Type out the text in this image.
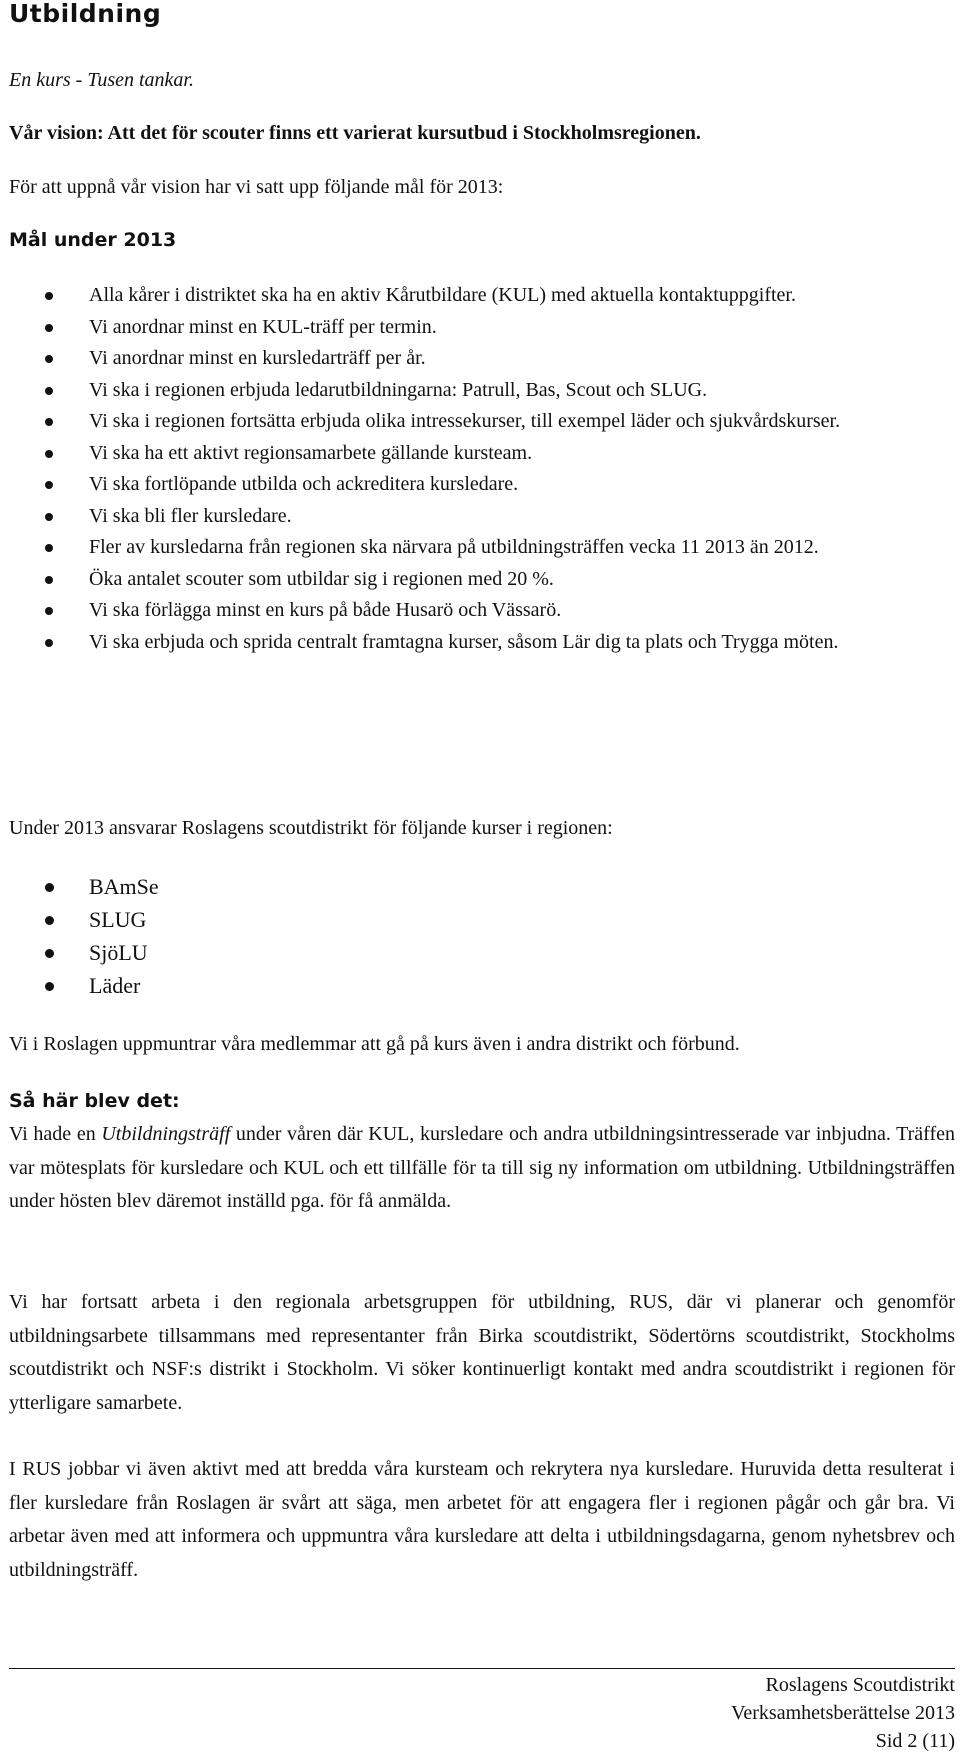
Utbildning

En kurs - Tusen tankar.

Vår vision: Att det för scouter finns ett varierat kursutbud i Stockholmsregionen.

För att uppnå vår vision har vi satt upp följande mål för 2013:

Mål under 2013

Alla kårer i distriktet ska ha en aktiv Kårutbildare (KUL) med aktuella kontaktuppgifter.
Vi anordnar minst en KUL-träff per termin.
Vi anordnar minst en kursledarträff per år.
Vi ska i regionen erbjuda ledarutbildningarna: Patrull, Bas, Scout och SLUG.
Vi ska i regionen fortsätta erbjuda olika intressekurser, till exempel läder och sjukvårdskurser.
Vi ska ha ett aktivt regionsamarbete gällande kursteam.
Vi ska fortlöpande utbilda och ackreditera kursledare.
Vi ska bli fler kursledare.
Fler av kursledarna från regionen ska närvara på utbildningsträffen vecka 11 2013 än 2012.
Öka antalet scouter som utbildar sig i regionen med 20 %.
Vi ska förlägga minst en kurs på både Husarö och Vässarö.
Vi ska erbjuda och sprida centralt framtagna kurser, såsom Lär dig ta plats och Trygga möten.

Under 2013 ansvarar Roslagens scoutdistrikt för följande kurser i regionen:

BAmSe
SLUG
SjöLU
Läder

Vi i Roslagen uppmuntrar våra medlemmar att gå på kurs även i andra distrikt och förbund.

Så här blev det:

Vi hade en Utbildningsträff under våren där KUL, kursledare och andra utbildningsintresserade var inbjudna. Träffen var mötesplats för kursledare och KUL och ett tillfälle för ta till sig ny information om utbildning. Utbildningsträffen under hösten blev däremot inställd pga. för få anmälda.

Vi har fortsatt arbeta i den regionala arbetsgruppen för utbildning, RUS, där vi planerar och genomför utbildningsarbete tillsammans med representanter från Birka scoutdistrikt, Södertörns scoutdistrikt, Stockholms scoutdistrikt och NSF:s distrikt i Stockholm. Vi söker kontinuerligt kontakt med andra scoutdistrikt i regionen för ytterligare samarbete.

I RUS jobbar vi även aktivt med att bredda våra kursteam och rekrytera nya kursledare. Huruvida detta resulterat i fler kursledare från Roslagen är svårt att säga, men arbetet för att engagera fler i regionen pågår och går bra. Vi arbetar även med att informera och uppmuntra våra kursledare att delta i utbildningsdagarna, genom nyhetsbrev och utbildningsträff.

Roslagens Scoutdistrikt
Verksamhetsberättelse 2013
Sid 2 (11)
